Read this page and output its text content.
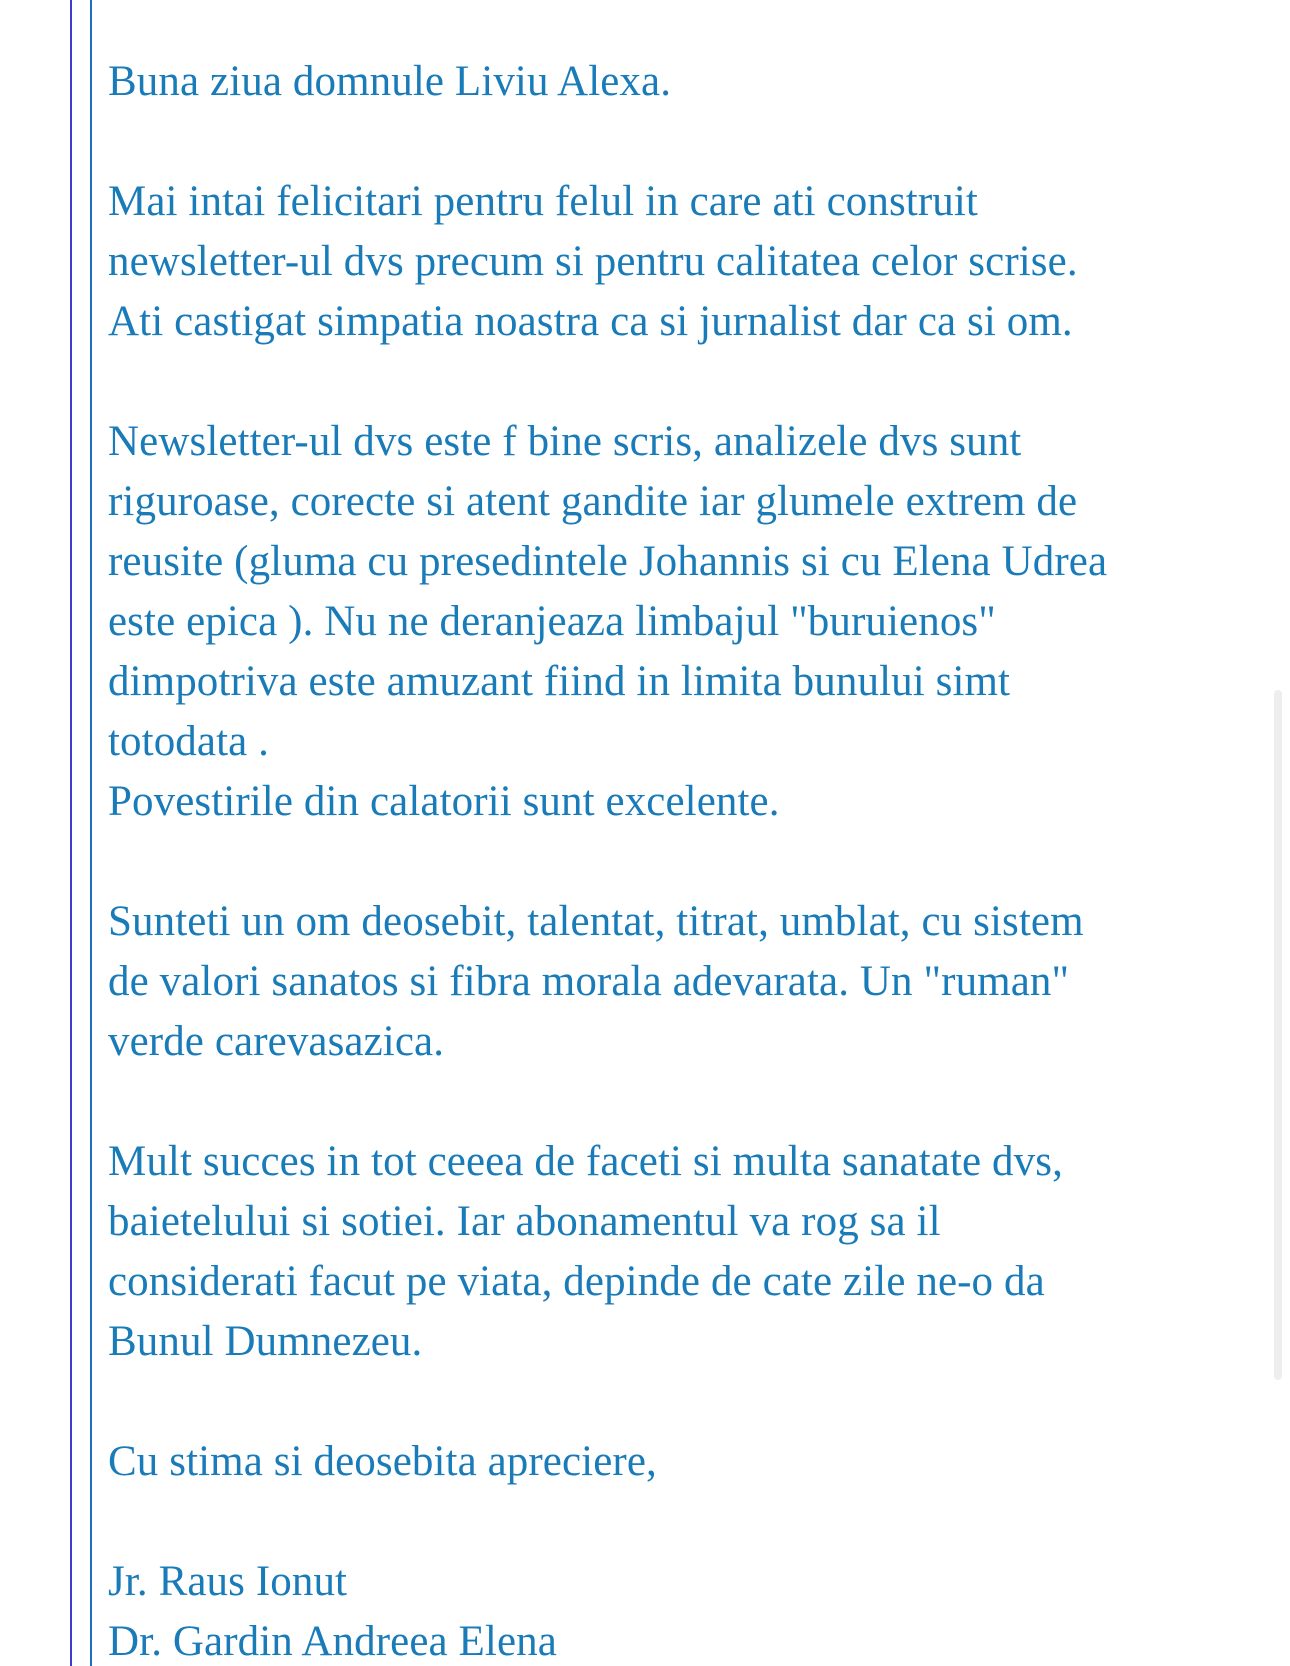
Buna ziua domnule Liviu Alexa.

Mai intai felicitari pentru felul in care ati construit
newsletter-ul dvs precum si pentru calitatea celor scrise.
Ati castigat simpatia noastra ca si jurnalist dar ca si om.

Newsletter-ul dvs este f bine scris, analizele dvs sunt
riguroase, corecte si atent gandite iar glumele extrem de
reusite (gluma cu presedintele Johannis si cu Elena Udrea
este epica ). Nu ne deranjeaza limbajul "buruienos"
dimpotriva este amuzant fiind in limita bunului simt
totodata .
Povestirile din calatorii sunt excelente.

Sunteti un om deosebit, talentat, titrat, umblat, cu sistem
de valori sanatos si fibra morala adevarata. Un "ruman"
verde carevasazica.

Mult succes in tot ceeea de faceti si multa sanatate dvs,
baietelului si sotiei. Iar abonamentul va rog sa il
considerati facut pe viata, depinde de cate zile ne-o da
Bunul Dumnezeu.

Cu stima si deosebita apreciere,

Jr. Raus Ionut
Dr. Gardin Andreea Elena
